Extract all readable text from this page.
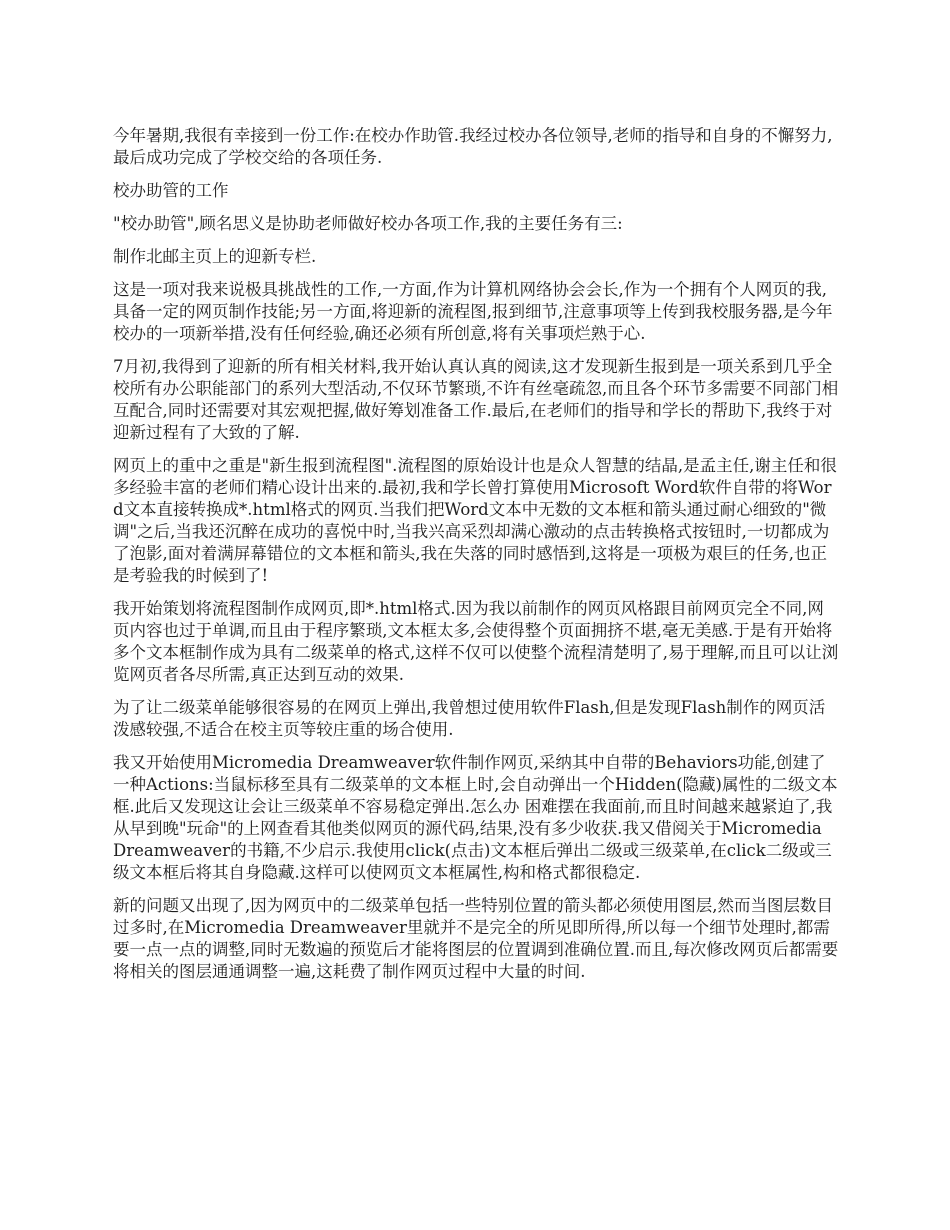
今年暑期,我很有幸接到一份工作:在校办作助管.我经过校办各位领导,老师的指导和自身的不懈努力,最后成功完成了学校交给的各项任务.

校办助管的工作

"校办助管",顾名思义是协助老师做好校办各项工作,我的主要任务有三:

制作北邮主页上的迎新专栏.

这是一项对我来说极具挑战性的工作,一方面,作为计算机网络协会会长,作为一个拥有个人网页的我,具备一定的网页制作技能;另一方面,将迎新的流程图,报到细节,注意事项等上传到我校服务器,是今年校办的一项新举措,没有任何经验,确还必须有所创意,将有关事项烂熟于心.

7月初,我得到了迎新的所有相关材料,我开始认真认真的阅读,这才发现新生报到是一项关系到几乎全校所有办公职能部门的系列大型活动,不仅环节繁琐,不许有丝毫疏忽,而且各个环节多需要不同部门相互配合,同时还需要对其宏观把握,做好筹划准备工作.最后,在老师们的指导和学长的帮助下,我终于对迎新过程有了大致的了解.

网页上的重中之重是"新生报到流程图".流程图的原始设计也是众人智慧的结晶,是孟主任,谢主任和很多经验丰富的老师们精心设计出来的.最初,我和学长曾打算使用Microsoft Word软件自带的将Word文本直接转换成*.html格式的网页.当我们把Word文本中无数的文本框和箭头通过耐心细致的"微调"之后,当我还沉醉在成功的喜悦中时,当我兴高采烈却满心激动的点击转换格式按钮时,一切都成为了泡影,面对着满屏幕错位的文本框和箭头,我在失落的同时感悟到,这将是一项极为艰巨的任务,也正是考验我的时候到了!

我开始策划将流程图制作成网页,即*.html格式.因为我以前制作的网页风格跟目前网页完全不同,网页内容也过于单调,而且由于程序繁琐,文本框太多,会使得整个页面拥挤不堪,毫无美感.于是有开始将多个文本框制作成为具有二级菜单的格式,这样不仅可以使整个流程清楚明了,易于理解,而且可以让浏览网页者各尽所需,真正达到互动的效果.

为了让二级菜单能够很容易的在网页上弹出,我曾想过使用软件Flash,但是发现Flash制作的网页活泼感较强,不适合在校主页等较庄重的场合使用.

我又开始使用Micromedia Dreamweaver软件制作网页,采纳其中自带的Behaviors功能,创建了一种Actions:当鼠标移至具有二级菜单的文本框上时,会自动弹出一个Hidden(隐藏)属性的二级文本框.此后又发现这让会让三级菜单不容易稳定弹出.怎么办 困难摆在我面前,而且时间越来越紧迫了,我从早到晚"玩命"的上网查看其他类似网页的源代码,结果,没有多少收获.我又借阅关于Micromedia Dreamweaver的书籍,不少启示.我使用click(点击)文本框后弹出二级或三级菜单,在click二级或三级文本框后将其自身隐藏.这样可以使网页文本框属性,构和格式都很稳定.

新的问题又出现了,因为网页中的二级菜单包括一些特别位置的箭头都必须使用图层,然而当图层数目过多时,在Micromedia Dreamweaver里就并不是完全的所见即所得,所以每一个细节处理时,都需要一点一点的调整,同时无数遍的预览后才能将图层的位置调到准确位置.而且,每次修改网页后都需要将相关的图层通通调整一遍,这耗费了制作网页过程中大量的时间.
